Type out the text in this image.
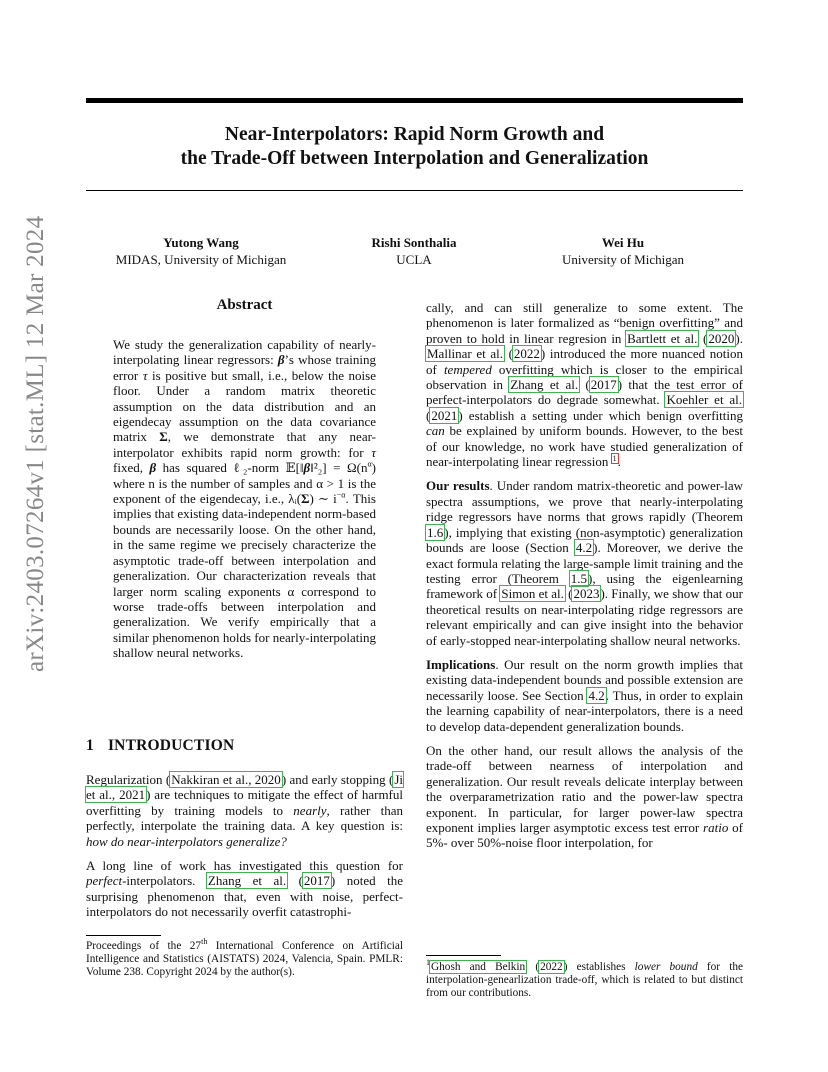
arXiv:2403.07264v1 [stat.ML] 12 Mar 2024
Near-Interpolators: Rapid Norm Growth and
the Trade-Off between Interpolation and Generalization
Yutong Wang
MIDAS, University of Michigan
Rishi Sonthalia
UCLA
Wei Hu
University of Michigan
Abstract
We study the generalization capability of nearly-interpolating linear regressors: β’s whose training error τ is positive but small, i.e., below the noise floor. Under a random matrix theoretic assumption on the data distribution and an eigendecay assumption on the data covariance matrix Σ, we demonstrate that any near-interpolator exhibits rapid norm growth: for τ fixed, β has squared ℓ₂-norm 𝔼[‖β‖²₂] = $\Omega(n^\alpha)$ where n is the number of samples and α > 1 is the exponent of the eigendecay, i.e., λᵢ(Σ) ∼ $i^{-\alpha}$. This implies that existing data-independent norm-based bounds are necessarily loose. On the other hand, in the same regime we precisely characterize the asymptotic trade-off between interpolation and generalization. Our characterization reveals that larger norm scaling exponents α correspond to worse trade-offs between interpolation and generalization. We verify empirically that a similar phenomenon holds for nearly-interpolating shallow neural networks.
1 INTRODUCTION

Regularization (Nakkiran et al., 2020) and early stopping (Ji et al., 2021) are techniques to mitigate the effect of harmful overfitting by training models to nearly, rather than perfectly, interpolate the training data. A key question is: how do near-interpolators generalize?

A long line of work has investigated this question for perfect-interpolators. Zhang et al. (2017) noted the surprising phenomenon that, even with noise, perfect-interpolators do not necessarily overfit catastrophi-

Proceedings of the 27th International Conference on Artificial Intelligence and Statistics (AISTATS) 2024, Valencia, Spain. PMLR: Volume 238. Copyright 2024 by the author(s).

cally, and can still generalize to some extent. The phenomenon is later formalized as “benign overfitting” and proven to hold in linear regresion in Bartlett et al. (2020). Mallinar et al. (2022) introduced the more nuanced notion of tempered overfitting which is closer to the empirical observation in Zhang et al. (2017) that the test error of perfect-interpolators do degrade somewhat. Koehler et al. (2021) establish a setting under which benign overfitting can be explained by uniform bounds. However, to the best of our knowledge, no work have studied generalization of near-interpolating linear regression $^1$.

Our results. Under random matrix-theoretic and power-law spectra assumptions, we prove that nearly-interpolating ridge regressors have norms that grows rapidly (Theorem 1.6), implying that existing (non-asymptotic) generalization bounds are loose (Section 4.2). Moreover, we derive the exact formula relating the large-sample limit training and the testing error (Theorem 1.5), using the eigenlearning framework of Simon et al. (2023). Finally, we show that our theoretical results on near-interpolating ridge regressors are relevant empirically and can give insight into the behavior of early-stopped near-interpolating shallow neural networks.

Implications. Our result on the norm growth implies that existing data-independent bounds and possible extension are necessarily loose. See Section 4.2. Thus, in order to explain the learning capability of near-interpolators, there is a need to develop data-dependent generalization bounds.

On the other hand, our result allows the analysis of the trade-off between nearness of interpolation and generalization. Our result reveals delicate interplay between the overparametrization ratio and the power-law spectra exponent. In particular, for larger power-law spectra exponent implies larger asymptotic excess test error ratio of 5%- over 50%-noise floor interpolation, for

$^1$Ghosh and Belkin (2022) establishes lower bound for the interpolation-genearlization trade-off, which is related to but distinct from our contributions.
